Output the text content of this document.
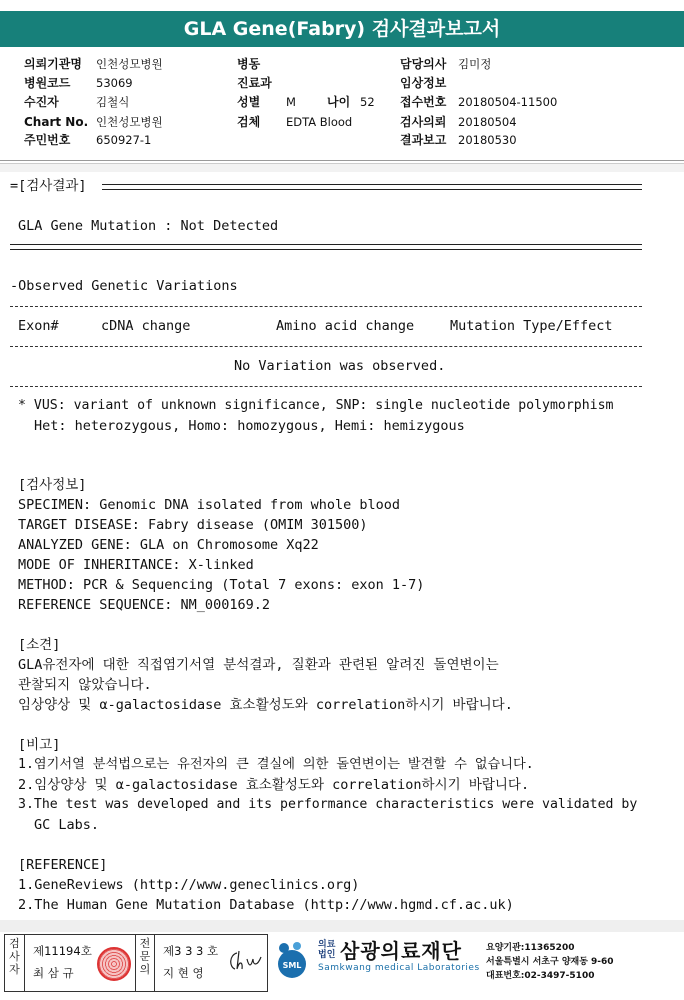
GLA Gene(Fabry) 검사결과보고서
의뢰기관명 인천성모병원	병동	담당의사 김미정
병원코드 53069	진료과	임상정보
수진자	김철식	성별 M	나이 52 접수번호 20180504-11500
Chart No. 인천성모병원	검체 EDTA Blood	검사의뢰 20180504
주민번호 650927-1	결과보고 20180530
=[검사결과]
GLA Gene Mutation : Not Detected
-Observed Genetic Variations
Exon#	cDNA change	Amino acid change	Mutation Type/Effect
No Variation was observed.
* VUS: variant of unknown significance, SNP: single nucleotide polymorphism
Het: heterozygous, Homo: homozygous, Hemi: hemizygous
[검사정보]
SPECIMEN: Genomic DNA isolated from whole blood
TARGET DISEASE: Fabry disease (OMIM 301500)
ANALYZED GENE: GLA on Chromosome Xq22
MODE OF INHERITANCE: X-linked
METHOD: PCR & Sequencing (Total 7 exons: exon 1-7)
REFERENCE SEQUENCE: NM_000169.2
[소견]
GLA유전자에 대한 직접염기서열 분석결과, 질환과 관련된 알려진 돌연변이는
관찰되지 않았습니다.
임상양상 및 α-galactosidase 효소활성도와 correlation하시기 바랍니다.
[비고]
1.염기서열 분석법으로는 유전자의 큰 결실에 의한 돌연변이는 발견할 수 없습니다.
2.임상양상 및 α-galactosidase 효소활성도와 correlation하시기 바랍니다.
3.The test was developed and its performance characteristics were validated by
GC Labs.
[REFERENCE]
1.GeneReviews (http://www.geneclinics.org)
2.The Human Gene Mutation Database (http://www.hgmd.cf.ac.uk)
검
사
자
제11194호
최 삼 규
전
문
의
제3 3 3 호
지 현 영
SML
의료
법인 삼광의료재단
Samkwang medical Laboratories
요양기관:11365200
서울특별시 서초구 양재동 9-60
대표번호:02-3497-5100
